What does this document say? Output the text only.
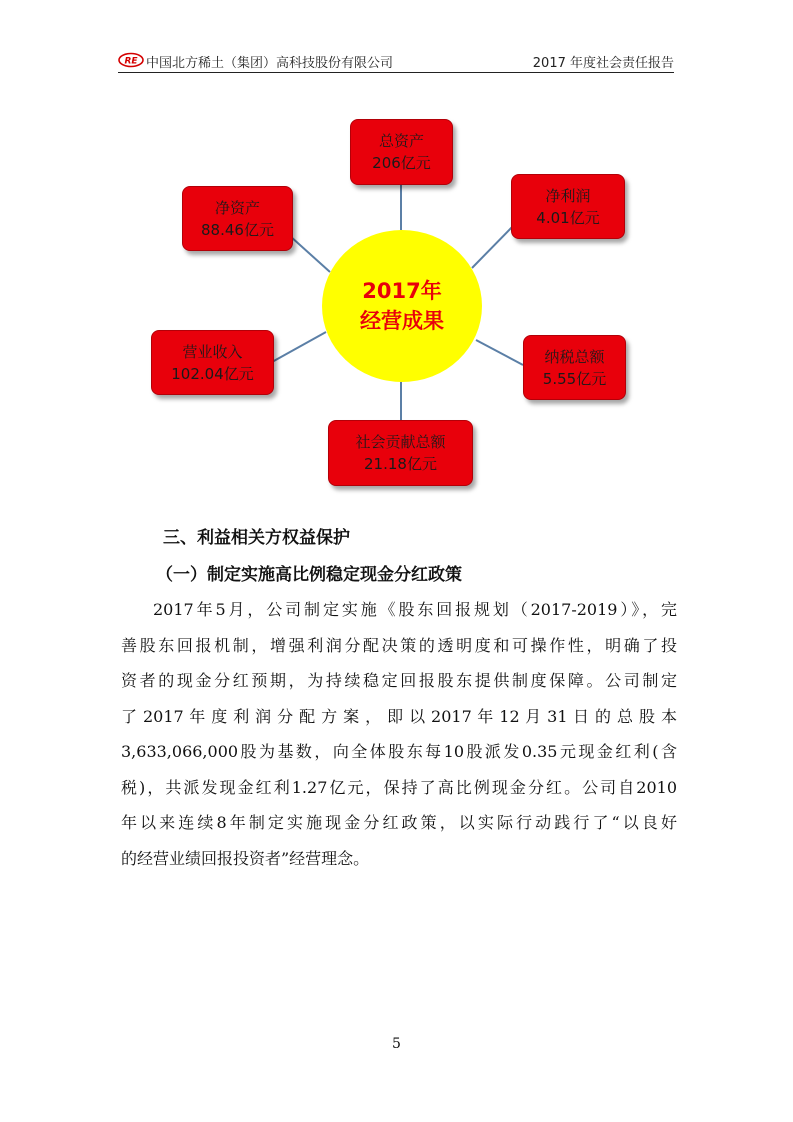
RE 中国北方稀土（集团）高科技股份有限公司	2017 年度社会责任报告
2017年
经营成果
总资产
206亿元
净利润
4.01亿元
纳税总额
5.55亿元
社会贡献总额
21.18亿元
营业收入
102.04亿元
净资产
88.46亿元
三、利益相关方权益保护
（一）制定实施高比例稳定现金分红政策
2017年5月，公司制定实施《股东回报规划（2017-2019）》，完
善股东回报机制，增强利润分配决策的透明度和可操作性，明确了投
资者的现金分红预期，为持续稳定回报股东提供制度保障。公司制定
了 2017 年 度 利 润 分 配 方 案 ， 即 以 2017 年 12 月 31 日 的 总 股 本
3,633,066,000股为基数，向全体股东每10股派发0.35元现金红利(含
税)，共派发现金红利1.27亿元，保持了高比例现金分红。公司自2010
年以来连续8年制定实施现金分红政策，以实际行动践行了“以良好
的经营业绩回报投资者”经营理念。
5
